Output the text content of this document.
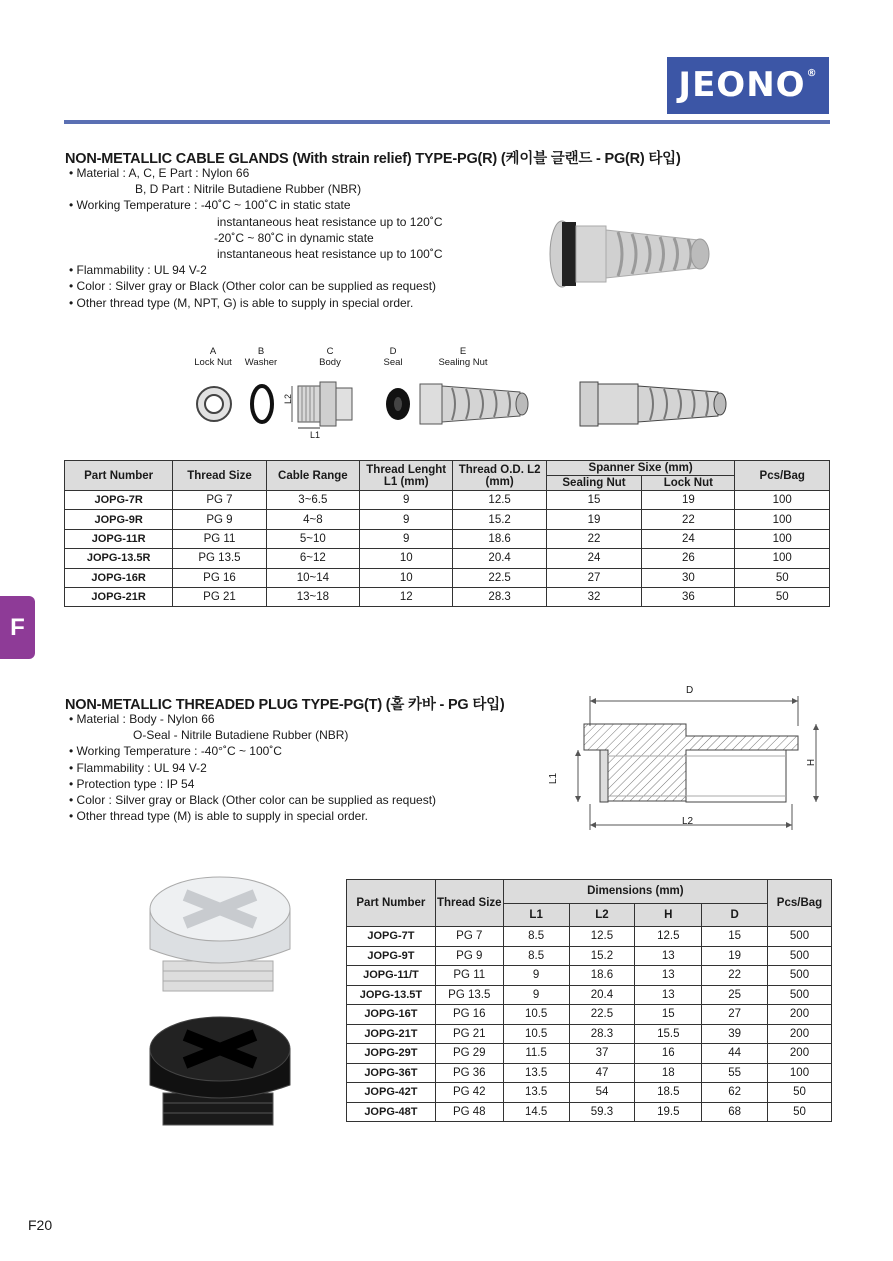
JEONO®
F
NON-METALLIC CABLE GLANDS (With strain relief) TYPE-PG(R) (케이블 글랜드 - PG(R) 타입)
• Material : A, C, E Part : Nylon 66
B, D Part : Nitrile Butadiene Rubber (NBR)
• Working Temperature : -40˚C ~ 100˚C in static state
instantaneous heat resistance up to 120˚C
-20˚C ~ 80˚C in dynamic state
instantaneous heat resistance up to 100˚C
• Flammability : UL 94 V-2
• Color : Silver gray or Black (Other color can be supplied as request)
• Other thread type (M, NPT, G) is able to supply in special order.
A
Lock Nut
B
Washer
C
Body
D
Seal
E
Sealing Nut
L2
L1
Part Number	Thread Size	Cable Range	Thread Lenght L1 (mm)	Thread O.D. L2 (mm)	Spanner Sixe (mm)		Pcs/Bag
					Sealing Nut	Lock Nut	
JOPG-7R	PG 7	3~6.5	9	12.5	15	19	100
JOPG-9R	PG 9	4~8	9	15.2	19	22	100
JOPG-11R	PG 11	5~10	9	18.6	22	24	100
JOPG-13.5R	PG 13.5	6~12	10	20.4	24	26	100
JOPG-16R	PG 16	10~14	10	22.5	27	30	50
JOPG-21R	PG 21	13~18	12	28.3	32	36	50
NON-METALLIC THREADED PLUG TYPE-PG(T) (홀 카바 - PG 타입)
• Material : Body - Nylon 66
O-Seal - Nitrile Butadiene Rubber (NBR)
• Working Temperature : -40°˚C ~ 100˚C
• Flammability : UL 94 V-2
• Protection type : IP 54
• Color : Silver gray or Black (Other color can be supplied as request)
• Other thread type (M) is able to supply in special order.
D
H
L1
L2
Part Number	Thread Size	Dimensions (mm)				Pcs/Bag
		L1	L2	H	D	
JOPG-7T	PG 7	8.5	12.5	12.5	15	500
JOPG-9T	PG 9	8.5	15.2	13	19	500
JOPG-11/T	PG 11	9	18.6	13	22	500
JOPG-13.5T	PG 13.5	9	20.4	13	25	500
JOPG-16T	PG 16	10.5	22.5	15	27	200
JOPG-21T	PG 21	10.5	28.3	15.5	39	200
JOPG-29T	PG 29	11.5	37	16	44	200
JOPG-36T	PG 36	13.5	47	18	55	100
JOPG-42T	PG 42	13.5	54	18.5	62	50
JOPG-48T	PG 48	14.5	59.3	19.5	68	50
F20
